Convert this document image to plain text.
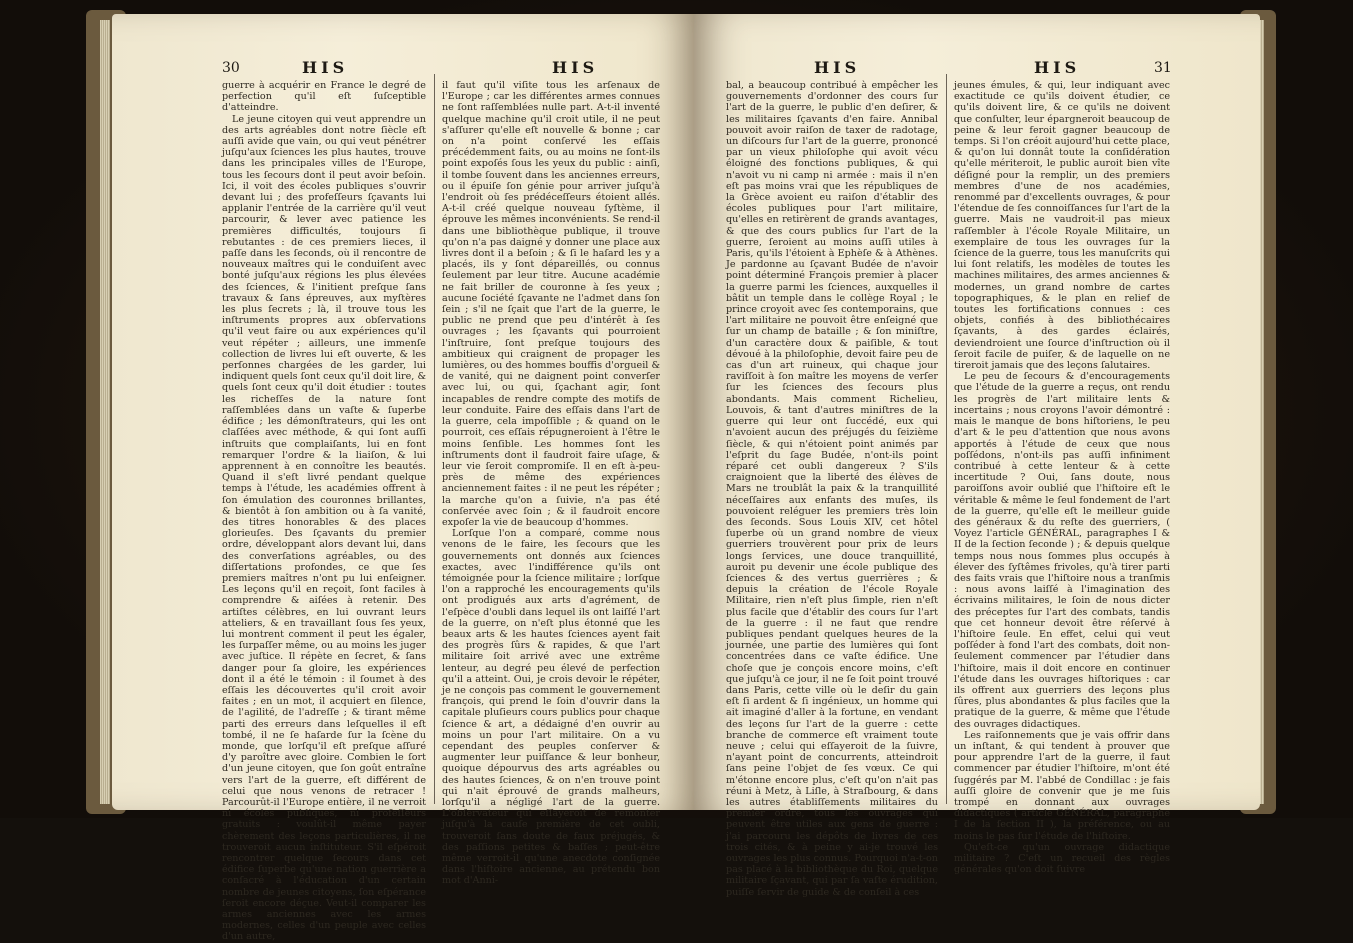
30	HIS	HIS

guerre à acquérir en France le degré de perfection qu'il eſt ſuſceptible d'atteindre.

Le jeune citoyen qui veut apprendre un des arts agréables dont notre ſiècle eſt auſſi avide que vain, ou qui veut pénétrer juſqu'aux ſciences les plus hautes, trouve dans les principales villes de l'Europe, tous les ſecours dont il peut avoir beſoin. Ici, il voit des écoles publiques s'ouvrir devant lui ; des profeſſeurs ſçavants lui applanir l'entrée de la carrière qu'il veut parcourir, & lever avec patience les premières difficultés, toujours ſi rebutantes : de ces premiers lieces, il paſſe dans les ſeconds, où il rencontre de nouveaux maîtres qui le conduiſent avec bonté juſqu'aux régions les plus élevées des ſciences, & l'initient preſque ſans travaux & ſans épreuves, aux myſtères les plus ſecrets ; là, il trouve tous les inſtruments propres aux obſervations qu'il veut faire ou aux expériences qu'il veut répéter ; ailleurs, une immenſe collection de livres lui eſt ouverte, & les perſonnes chargées de les garder, lui indiquent quels ſont ceux qu'il doit lire, & quels ſont ceux qu'il doit étudier : toutes les richeſſes de la nature ſont raſſemblées dans un vaſte & ſuperbe édifice ; les démonſtrateurs, qui les ont claſſées avec méthode, & qui ſont auſſi inſtruits que complaiſants, lui en font remarquer l'ordre & la liaiſon, & lui apprennent à en connoître les beautés. Quand il s'eſt livré pendant quelque temps à l'étude, les académies offrent à ſon émulation des couronnes brillantes, & bientôt à ſon ambition ou à ſa vanité, des titres honorables & des places glorieuſes. Des ſçavants du premier ordre, développant alors devant lui, dans des converſations agréables, ou des diſſertations profondes, ce que ſes premiers maîtres n'ont pu lui enſeigner. Les leçons qu'il en reçoit, ſont faciles à comprendre & aiſées à retenir. Des artiſtes célèbres, en lui ouvrant leurs atteliers, & en travaillant ſous ſes yeux, lui montrent comment il peut les égaler, les ſurpaſſer même, ou au moins les juger avec juſtice. Il répète en ſecret, & ſans danger pour ſa gloire, les expériences dont il a été le témoin : il ſoumet à des eſſais les découvertes qu'il croit avoir faites ; en un mot, il acquiert en ſilence, de l'agilité, de l'adreſſe ; & tirant même parti des erreurs dans leſquelles il eſt tombé, il ne ſe haſarde ſur la ſcène du monde, que lorſqu'il eſt preſque aſſuré d'y paroître avec gloire. Combien le ſort d'un jeune citoyen, que ſon goût entraîne vers l'art de la guerre, eſt différent de celui que nous venons de retracer ! Parcourût-il l'Europe entière, il ne verroit ni écoles publiques, ni profeſſeurs gratuits : voulût-il même payer chèrement des leçons particulières, il ne trouveroit aucun inſtituteur. S'il eſpéroit rencontrer quelque ſecours dans cet édifice ſuperbe qu'une nation guerrière a conſacré à l'éducation d'un certain nombre de jeunes citoyens, ſon eſpérance ſeroit encore déçue. Veut-il comparer les armes anciennes avec les armes modernes, celles d'un peuple avec celles d'un autre,

il faut qu'il viſite tous les arſenaux de l'Europe ; car les différentes armes connues ne ſont raſſemblées nulle part. A-t-il inventé quelque machine qu'il croit utile, il ne peut s'aſſurer qu'elle eſt nouvelle & bonne ; car on n'a point conſervé les eſſais précédemment faits, ou au moins ne ſont-ils point expoſés ſous les yeux du public : ainſi, il tombe ſouvent dans les anciennes erreurs, ou il épuiſe ſon génie pour arriver juſqu'à l'endroit où ſes prédéceſſeurs étoient allés. A-t-il créé quelque nouveau ſyſtème, il éprouve les mêmes inconvénients. Se rend-il dans une bibliothèque publique, il trouve qu'on n'a pas daigné y donner une place aux livres dont il a beſoin ; & ſi le haſard les y a placés, ils y ſont dépareillés, ou connus ſeulement par leur titre. Aucune académie ne fait briller de couronne à ſes yeux ; aucune ſociété ſçavante ne l'admet dans ſon ſein ; s'il ne ſçait que l'art de la guerre, le public ne prend que peu d'intérêt à ſes ouvrages ; les ſçavants qui pourroient l'inſtruire, ſont preſque toujours des ambitieux qui craignent de propager les lumières, ou des hommes bouffis d'orgueil & de vanité, qui ne daignent point converſer avec lui, ou qui, ſçachant agir, ſont incapables de rendre compte des motifs de leur conduite. Faire des eſſais dans l'art de la guerre, cela impoſſible ; & quand on le pourroit, ces eſſais répugneroient à l'être le moins ſenſible. Les hommes ſont les inſtruments dont il faudroit faire uſage, & leur vie ſeroit compromiſe. Il en eſt à-peu-près de même des expériences anciennement faites : il ne peut les répéter ; la marche qu'on a ſuivie, n'a pas été conſervée avec ſoin ; & il faudroit encore expoſer la vie de beaucoup d'hommes.

Lorſque l'on a comparé, comme nous venons de le faire, les ſecours que les gouvernements ont donnés aux ſciences exactes, avec l'indifférence qu'ils ont témoignée pour la ſcience militaire ; lorſque l'on a rapproché les encouragements qu'ils ont prodigués aux arts d'agrément, de l'eſpèce d'oubli dans lequel ils ont laiſſé l'art de la guerre, on n'eſt plus étonné que les beaux arts & les hautes ſciences ayent fait des progrès ſûrs & rapides, & que l'art militaire ſoit arrivé avec une extrême lenteur, au degré peu élevé de perfection qu'il a atteint. Oui, je crois devoir le répéter, je ne conçois pas comment le gouvernement françois, qui prend le ſoin d'ouvrir dans la capitale pluſieurs cours publics pour chaque ſcience & art, a dédaigné d'en ouvrir au moins un pour l'art militaire. On a vu cependant des peuples conſerver & augmenter leur puiſſance & leur bonheur, quoique dépourvus des arts agréables ou des hautes ſciences, & on n'en trouve point qui n'ait éprouvé de grands malheurs, lorſqu'il a négligé l'art de la guerre. L'obſervateur qui eſſayeroit de remonter juſqu'à la cauſe première de cet oubli, trouveroit ſans doute de faux préjugés, & des paſſions petites & baſſes ; peut-être même verroit-il qu'une anecdote conſignée dans l'hiſtoire ancienne, au prétendu bon mot d'Anni-

HIS	HIS	31

bal, a beaucoup contribué à empêcher les gouvernements d'ordonner des cours ſur l'art de la guerre, le public d'en deſirer, & les militaires ſçavants d'en faire. Annibal pouvoit avoir raiſon de taxer de radotage, un diſcours ſur l'art de la guerre, prononcé par un vieux philoſophe qui avoit vécu éloigné des fonctions publiques, & qui n'avoit vu ni camp ni armée : mais il n'en eſt pas moins vrai que les républiques de la Grèce avoient eu raiſon d'établir des écoles publiques pour l'art militaire, qu'elles en retirèrent de grands avantages, & que des cours publics ſur l'art de la guerre, ſeroient au moins auſſi utiles à Paris, qu'ils l'étoient à Ephèſe & à Athènes. Je pardonne au ſçavant Budée de n'avoir point déterminé François premier à placer la guerre parmi les ſciences, auxquelles il bâtit un temple dans le collège Royal ; le prince croyoit avec ſes contemporains, que l'art militaire ne pouvoit être enſeigné que ſur un champ de bataille ; & ſon miniſtre, d'un caractère doux & paiſible, & tout dévoué à la philoſophie, devoit faire peu de cas d'un art ruineux, qui chaque jour raviſſoit à ſon maître les moyens de verſer ſur les ſciences des ſecours plus abondants. Mais comment Richelieu, Louvois, & tant d'autres miniſtres de la guerre qui leur ont ſuccédé, eux qui n'avoient aucun des préjugés du ſeizième ſiècle, & qui n'étoient point animés par l'eſprit du ſage Budée, n'ont-ils point réparé cet oubli dangereux ? S'ils craignoient que la liberté des élèves de Mars ne troublât la paix & la tranquillité néceſſaires aux enfants des muſes, ils pouvoient reléguer les premiers très loin des ſeconds. Sous Louis XIV, cet hôtel ſuperbe où un grand nombre de vieux guerriers trouvèrent pour prix de leurs longs ſervices, une douce tranquillité, auroit pu devenir une école publique des ſciences & des vertus guerrières ; & depuis la création de l'école Royale Militaire, rien n'eſt plus ſimple, rien n'eſt plus facile que d'établir des cours ſur l'art de la guerre : il ne faut que rendre publiques pendant quelques heures de la journée, une partie des lumières qui ſont concentrées dans ce vaſte édifice. Une choſe que je conçois encore moins, c'eſt que juſqu'à ce jour, il ne ſe ſoit point trouvé dans Paris, cette ville où le deſir du gain eſt ſi ardent & ſi ingénieux, un homme qui ait imaginé d'aller à la fortune, en vendant des leçons ſur l'art de la guerre : cette branche de commerce eſt vraiment toute neuve ; celui qui eſſayeroit de la ſuivre, n'ayant point de concurrents, atteindroit ſans peine l'objet de ſes vœux. Ce qui m'étonne encore plus, c'eſt qu'on n'ait pas réuni à Metz, à Liſle, à Straſbourg, & dans les autres établiſſements militaires du premier ordre, tous les ouvrages qui peuvent être utiles aux gens de guerre : j'ai parcouru les dépôts de livres de ces trois cités, & à peine y ai-je trouvé les ouvrages les plus connus. Pourquoi n'a-t-on pas placé à la bibliothèque du Roi, quelque militaire ſçavant, qui par ſa vaſte érudition, puiſſe ſervir de guide & de conſeil à ces

jeunes émules, & qui, leur indiquant avec exactitude ce qu'ils doivent étudier, ce qu'ils doivent lire, & ce qu'ils ne doivent que conſulter, leur épargneroit beaucoup de peine & leur feroit gagner beaucoup de temps. Si l'on créoit aujourd'hui cette place, & qu'on lui donnât toute la conſidération qu'elle mériteroit, le public auroit bien vîte déſigné pour la remplir, un des premiers membres d'une de nos académies, renommé par d'excellents ouvrages, & pour l'étendue de ſes connoiſſances ſur l'art de la guerre. Mais ne vaudroit-il pas mieux raſſembler à l'école Royale Militaire, un exemplaire de tous les ouvrages ſur la ſcience de la guerre, tous les manuſcrits qui lui ſont relatifs, les modèles de toutes les machines militaires, des armes anciennes & modernes, un grand nombre de cartes topographiques, & le plan en relief de toutes les fortifications connues : ces objets, confiés à des bibliothécaires ſçavants, à des gardes éclairés, deviendroient une ſource d'inſtruction où il ſeroit facile de puiſer, & de laquelle on ne tireroit jamais que des leçons ſalutaires.

Le peu de ſecours & d'encouragements que l'étude de la guerre a reçus, ont rendu les progrès de l'art militaire lents & incertains ; nous croyons l'avoir démontré : mais le manque de bons hiſtoriens, le peu d'art & le peu d'attention que nous avons apportés à l'étude de ceux que nous poſſédons, n'ont-ils pas auſſi infiniment contribué à cette lenteur & à cette incertitude ? Oui, ſans doute, nous paroiſſons avoir oublié que l'hiſtoire eſt le véritable & même le ſeul fondement de l'art de la guerre, qu'elle eſt le meilleur guide des généraux & du reſte des guerriers, ( Voyez l'article GÉNÉRAL, paragraphes I & II de la ſection ſeconde ) ; & depuis quelque temps nous nous ſommes plus occupés à élever des ſyſtêmes frivoles, qu'à tirer parti des faits vrais que l'hiſtoire nous a tranſmis : nous avons laiſſé à l'imagination des écrivains militaires, le ſoin de nous dicter des préceptes ſur l'art des combats, tandis que cet honneur devoit être réſervé à l'hiſtoire ſeule. En effet, celui qui veut poſſéder à fond l'art des combats, doit non-ſeulement commencer par l'étudier dans l'hiſtoire, mais il doit encore en continuer l'étude dans les ouvrages hiſtoriques : car ils offrent aux guerriers des leçons plus ſûres, plus abondantes & plus faciles que la pratique de la guerre, & même que l'étude des ouvrages didactiques.

Les raiſonnements que je vais offrir dans un inſtant, & qui tendent à prouver que pour apprendre l'art de la guerre, il faut commencer par étudier l'hiſtoire, m'ont été ſuggérés par M. l'abbé de Condillac : je fais auſſi gloire de convenir que je me ſuis trompé en donnant aux ouvrages didactiques ( article GÉNÉRAL, paragraphe I de la ſection II ), la préférence, ou au moins le pas ſur l'étude de l'hiſtoire.

Qu'eſt-ce qu'un ouvrage didactique militaire ? C'eſt un recueil des règles générales qu'on doit ſuivre
